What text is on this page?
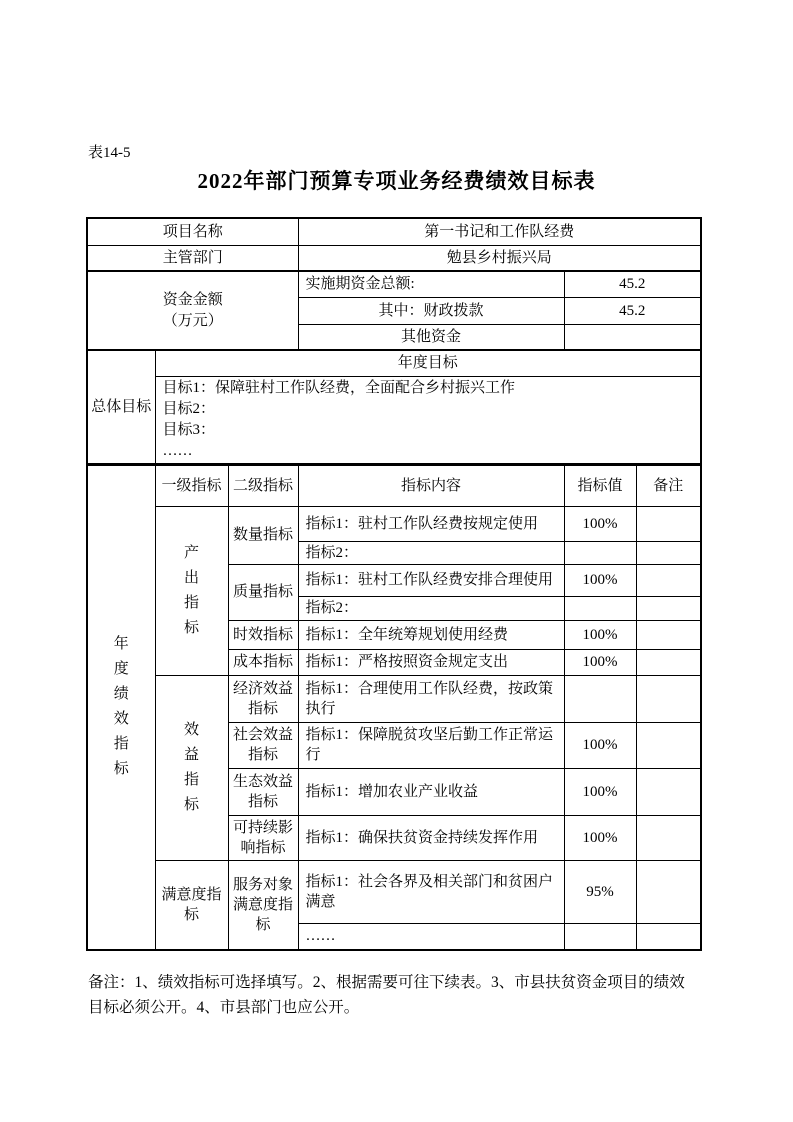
表14-5
2022年部门预算专项业务经费绩效目标表
项目名称			第一书记和工作队经费		
主管部门			勉县乡村振兴局		

资金金额
（万元）			实施期资金总额:	45.2	
			其中：财政拨款	45.2	
			其他资金		
总体目标	年度目标				

	目标1：保障驻村工作队经费，全面配合乡村振兴工作
目标2：
目标3：
……				

年度绩效指标	一级指标	二级指标	指标内容	指标值	备注
	产出指标	数量指标	指标1：驻村工作队经费按规定使用	100%	
			指标2：		
		质量指标	指标1：驻村工作队经费安排合理使用	100%	
			指标2：		
		时效指标	指标1：全年统筹规划使用经费	100%	
		成本指标	指标1：严格按照资金规定支出	100%	
	效益指标	经济效益指标	指标1：合理使用工作队经费，按政策执行		
		社会效益指标	指标1：保障脱贫攻坚后勤工作正常运行	100%	
		生态效益指标	指标1：增加农业产业收益	100%	
		可持续影响指标	指标1：确保扶贫资金持续发挥作用	100%	
	满意度指标	服务对象满意度指标	指标1：社会各界及相关部门和贫困户满意	95%	
			……		

备注：1、绩效指标可选择填写。2、根据需要可往下续表。3、市县扶贫资金项目的绩效目标必须公开。4、市县部门也应公开。
